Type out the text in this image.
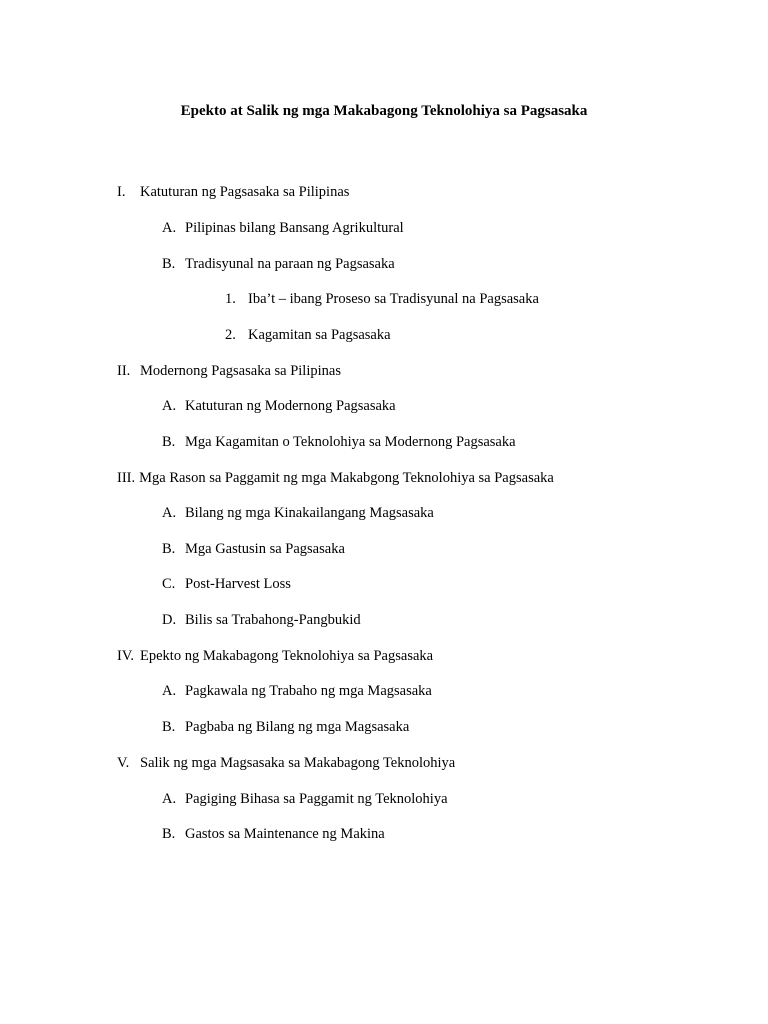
Epekto at Salik ng mga Makabagong Teknolohiya sa Pagsasaka
I. Katuturan ng Pagsasaka sa Pilipinas
A. Pilipinas bilang Bansang Agrikultural
B. Tradisyunal na paraan ng Pagsasaka
1. Iba’t – ibang Proseso sa Tradisyunal na Pagsasaka
2. Kagamitan sa Pagsasaka
II. Modernong Pagsasaka sa Pilipinas
A. Katuturan ng Modernong Pagsasaka
B. Mga Kagamitan o Teknolohiya sa Modernong Pagsasaka
III. Mga Rason sa Paggamit ng mga Makabgong Teknolohiya sa Pagsasaka
A. Bilang ng mga Kinakailangang Magsasaka
B. Mga Gastusin sa Pagsasaka
C. Post-Harvest Loss
D. Bilis sa Trabahong-Pangbukid
IV. Epekto ng Makabagong Teknolohiya sa Pagsasaka
A. Pagkawala ng Trabaho ng mga Magsasaka
B. Pagbaba ng Bilang ng mga Magsasaka
V. Salik ng mga Magsasaka sa Makabagong Teknolohiya
A. Pagiging Bihasa sa Paggamit ng Teknolohiya
B. Gastos sa Maintenance ng Makina
